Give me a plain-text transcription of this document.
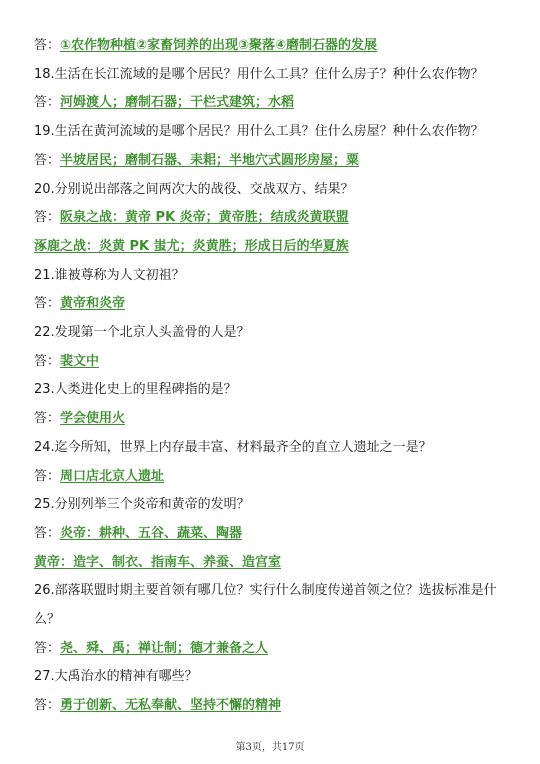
答：①农作物种植②家畜饲养的出现③聚落④磨制石器的发展
18.生活在长江流域的是哪个居民？用什么工具？住什么房子？种什么农作物？
答：河姆渡人；磨制石器；干栏式建筑；水稻
19.生活在黄河流域的是哪个居民？用什么工具？住什么房屋？种什么农作物？
答：半坡居民；磨制石器、耒耜；半地穴式圆形房屋；粟
20.分别说出部落之间两次大的战役、交战双方、结果？
答：阪泉之战：黄帝 PK 炎帝；黄帝胜；结成炎黄联盟
涿鹿之战：炎黄 PK 蚩尤；炎黄胜；形成日后的华夏族
21.谁被尊称为人文初祖？
答：黄帝和炎帝
22.发现第一个北京人头盖骨的人是？
答：裴文中
23.人类进化史上的里程碑指的是？
答：学会使用火
24.迄今所知，世界上内存最丰富、材料最齐全的直立人遗址之一是？
答：周口店北京人遗址
25.分别列举三个炎帝和黄帝的发明？
答：炎帝：耕种、五谷、蔬菜、陶器
黄帝：造字、制衣、指南车、养蚕、造宫室
26.部落联盟时期主要首领有哪几位？实行什么制度传递首领之位？选拔标准是什
么？
答：尧、舜、禹；禅让制；德才兼备之人
27.大禹治水的精神有哪些？
答：勇于创新、无私奉献、坚持不懈的精神
第3页，共17页
